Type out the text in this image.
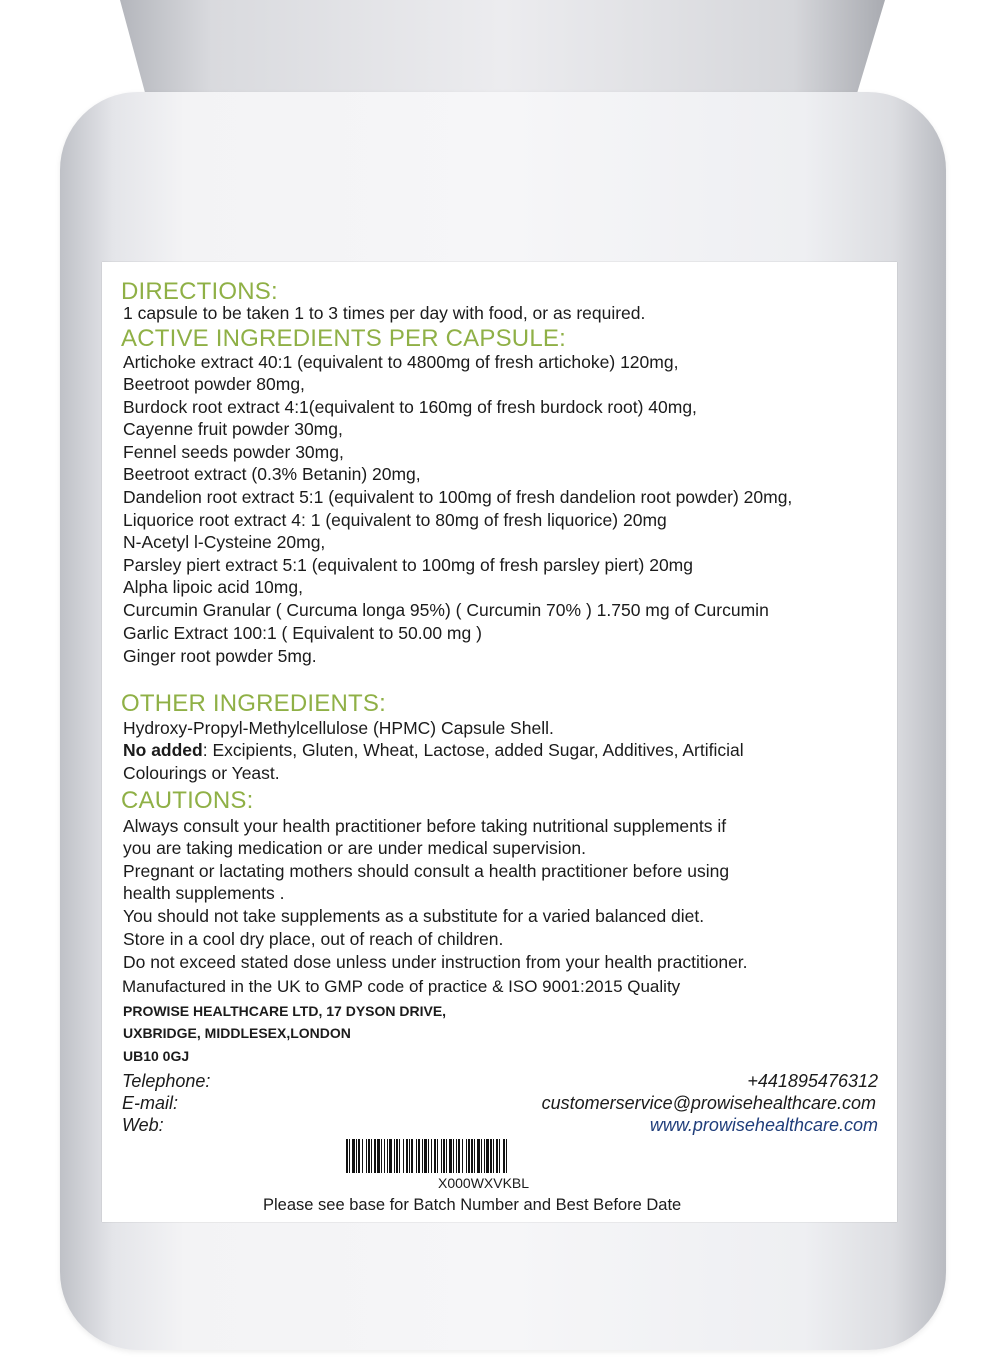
DIRECTIONS:
1 capsule to be taken 1 to 3 times per day with food, or as required.
ACTIVE INGREDIENTS PER CAPSULE:
Artichoke extract 40:1 (equivalent to 4800mg of fresh artichoke) 120mg,
Beetroot powder 80mg,
Burdock root extract 4:1(equivalent to 160mg of fresh burdock root) 40mg,
Cayenne fruit powder 30mg,
Fennel seeds powder 30mg,
Beetroot extract (0.3% Betanin) 20mg,
Dandelion root extract 5:1 (equivalent to 100mg of fresh dandelion root powder) 20mg,
Liquorice root extract 4: 1 (equivalent to 80mg of fresh liquorice) 20mg
N-Acetyl l-Cysteine 20mg,
Parsley piert extract 5:1 (equivalent to 100mg of fresh parsley piert) 20mg
Alpha lipoic acid 10mg,
Curcumin Granular ( Curcuma longa 95%) ( Curcumin 70% ) 1.750 mg of Curcumin
Garlic Extract 100:1 ( Equivalent to 50.00 mg )
Ginger root powder 5mg.
OTHER INGREDIENTS:
Hydroxy-Propyl-Methylcellulose (HPMC) Capsule Shell.
No added: Excipients, Gluten, Wheat, Lactose, added Sugar, Additives, Artificial
Colourings or Yeast.
CAUTIONS:
Always consult your health practitioner before taking nutritional supplements if
you are taking medication or are under medical supervision.
Pregnant or lactating mothers should consult a health practitioner before using
health supplements .
You should not take supplements as a substitute for a varied balanced diet.
Store in a cool dry place, out of reach of children.
Do not exceed stated dose unless under instruction from your health practitioner.
Manufactured in the UK to GMP code of practice & ISO 9001:2015 Quality
PROWISE HEALTHCARE LTD, 17 DYSON DRIVE,
UXBRIDGE, MIDDLESEX,LONDON
UB10 0GJ
Telephone:	+441895476312
E-mail:	customerservice@prowisehealthcare.com
Web:	www.prowisehealthcare.com
X000WXVKBL
Please see base for Batch Number and Best Before Date
